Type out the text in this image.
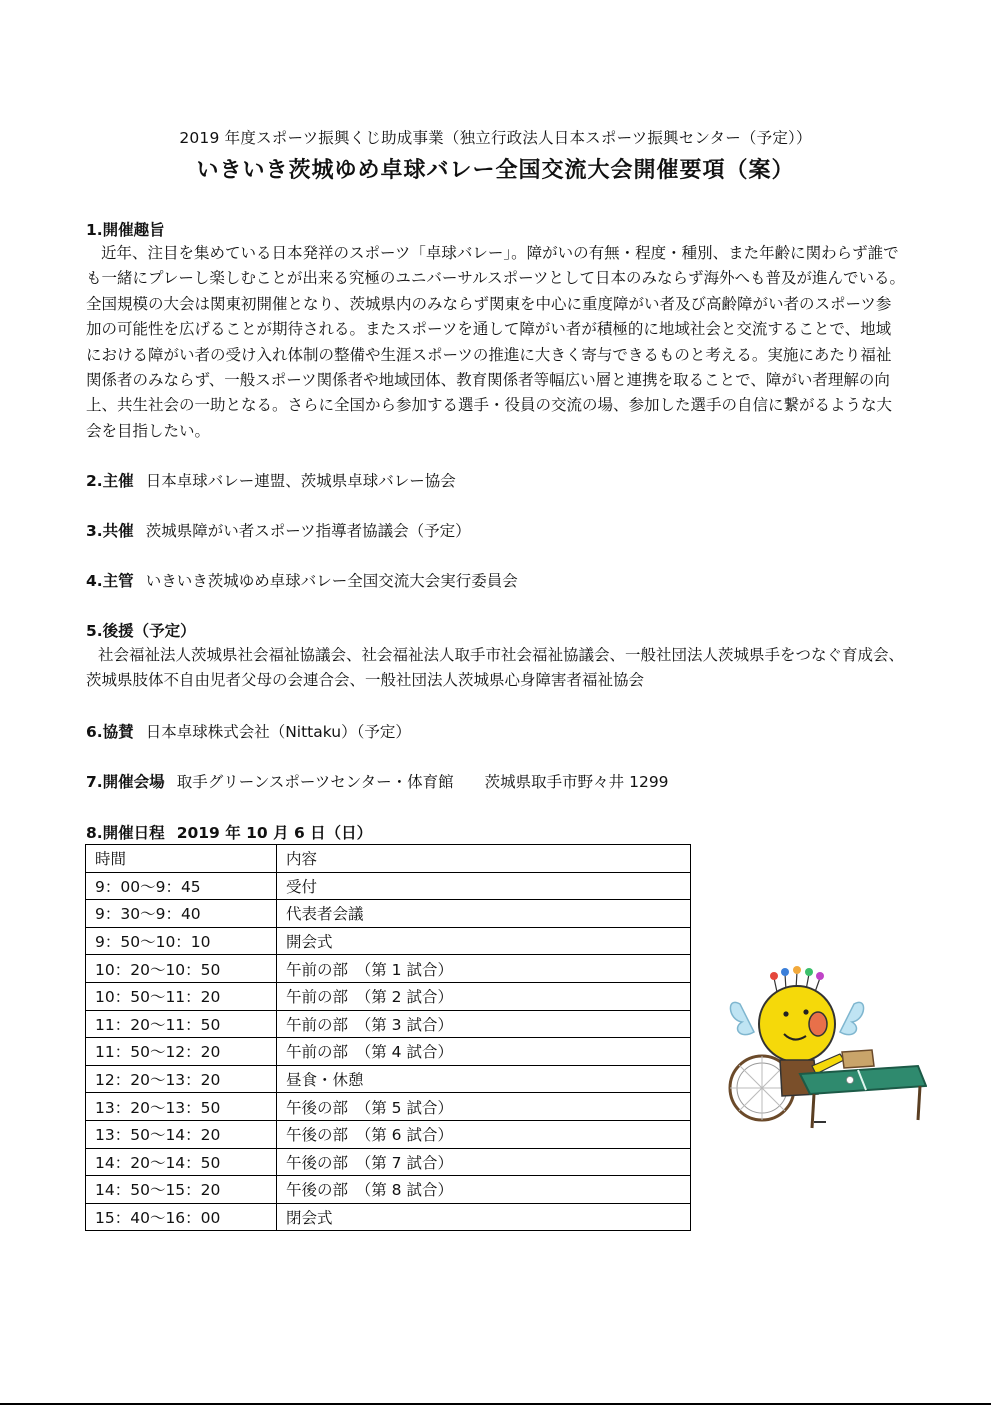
2019 年度スポーツ振興くじ助成事業（独立行政法人日本スポーツ振興センター（予定））
いきいき茨城ゆめ卓球バレー全国交流大会開催要項（案）
1.開催趣旨
近年、注目を集めている日本発祥のスポーツ「卓球バレー」。障がいの有無・程度・種別、また年齢に関わらず誰でも一緒にプレーし楽しむことが出来る究極のユニバーサルスポーツとして日本のみならず海外へも普及が進んでいる。全国規模の大会は関東初開催となり、茨城県内のみならず関東を中心に重度障がい者及び高齢障がい者のスポーツ参加の可能性を広げることが期待される。またスポーツを通して障がい者が積極的に地域社会と交流することで、地域における障がい者の受け入れ体制の整備や生涯スポーツの推進に大きく寄与できるものと考える。実施にあたり福祉関係者のみならず、一般スポーツ関係者や地域団体、教育関係者等幅広い層と連携を取ることで、障がい者理解の向上、共生社会の一助となる。さらに全国から参加する選手・役員の交流の場、参加した選手の自信に繋がるような大会を目指したい。
2.主催 日本卓球バレー連盟、茨城県卓球バレー協会
3.共催 茨城県障がい者スポーツ指導者協議会（予定）
4.主管 いきいき茨城ゆめ卓球バレー全国交流大会実行委員会
5.後援（予定）
社会福祉法人茨城県社会福祉協議会、社会福祉法人取手市社会福祉協議会、一般社団法人茨城県手をつなぐ育成会、茨城県肢体不自由児者父母の会連合会、一般社団法人茨城県心身障害者福祉協会
6.協賛 日本卓球株式会社（Nittaku）（予定）
7.開催会場 取手グリーンスポーツセンター・体育館　　茨城県取手市野々井 1299
8.開催日程 2019 年 10 月 6 日（日）
時間	内容
9：00〜9：45	受付
9：30〜9：40	代表者会議
9：50〜10：10	開会式
10：20〜10：50	午前の部　（第 1 試合）
10：50〜11：20	午前の部　（第 2 試合）
11：20〜11：50	午前の部　（第 3 試合）
11：50〜12：20	午前の部　（第 4 試合）
12：20〜13：20	昼食・休憩
13：20〜13：50	午後の部　（第 5 試合）
13：50〜14：20	午後の部　（第 6 試合）
14：20〜14：50	午後の部　（第 7 試合）
14：50〜15：20	午後の部　（第 8 試合）
15：40〜16：00	閉会式
